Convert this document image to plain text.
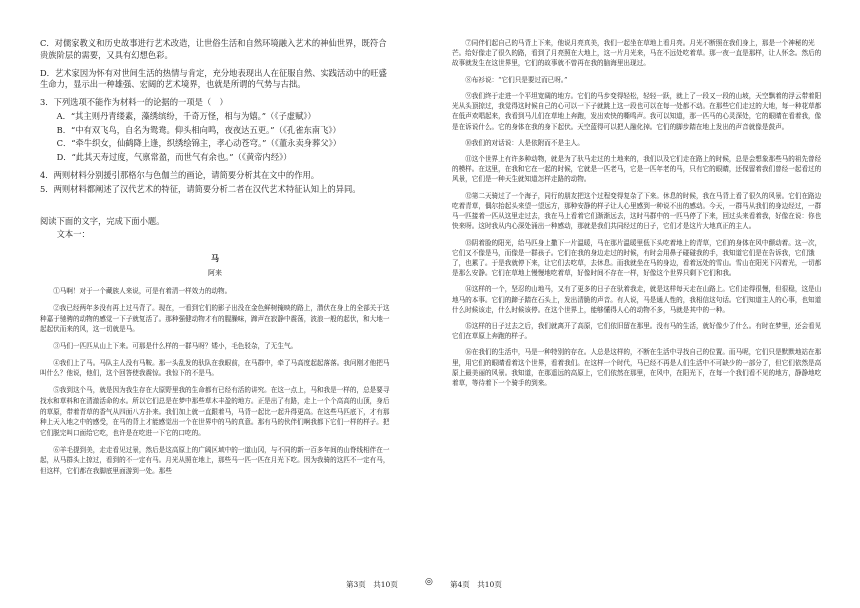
C．对儒家教义和历史故事进行艺术改造，让世俗生活和自然环境融入艺术的神仙世界，既符合贵族阶层的需要，又具有幻想色彩。

D．艺术家因为怀有对世间生活的热情与肯定，充分地表现出人在征服自然、实践活动中的旺盛生命力，显示出一种雄强、宏阔的艺术境界，也就是所谓的气势与古拙。

3．下列选项不能作为材料一的论据的一项是（　）

A．“其主则丹青缕素，藻绣缤纷，千奇万怪，相与为嬉。”（《子虚赋》）

B．“中有双飞鸟，自名为鸳鸯。仰头相向鸣，夜夜达五更。”（《孔雀东南飞》）

C．“牵牛织女，仙鹤降上逢，织绣绘锦主，孝心动苍穹。”（《董永卖身葬父》）

D．“此其天寿过度，气禀常盈，而世气有余也。”（《黄帝内经》）

4．两则材料分别援引那格尔与色伽兰的画论，请简要分析其在文中的作用。

5．两则材料都阐述了汉代艺术的特征，请简要分析二者在汉代艺术特征认知上的异同。

阅读下面的文字，完成下面小题。

文本一：

马
阿来

①马啊！对于一个藏族人来说，可是有着清一样效力的动物。

②我已经两年多没有再上过马背了。现在，一看到它们的影子出没在金色鲜树掩映的路上，潜伏在身上的全部关于这种嘉于驰骋的动物的感觉一下子就复活了。那种强健动物才有的腥臊味，蹄声在寂静中震荡，波浪一般的起伏，和大地一起起伏而来的风，这一切就是马。

③马们一匹匹从山上下来。可那是什么样的一群马呀？矮小，毛色驳杂，了无生气。

④我们上了马。马队主人没有马鞍。那一头乱发的驮队在我眼前，在马群中，牵了马高度起起落落。我问刚才他把马叫什么？他说，他们，这个回答使我震惊。我惊下的不是马。

⑤我到这个马，就是因为我生存在大原野里我的生命都有已经有活的讲究。在这一点上，马和我是一样的，总是要寻找水和草料和在清澈活命的水。所以它们总是在梦中那些草木丰盈的地方。正是出了有路，走上一个个高高的山顶，身后的草原，带着青草的香气从四面八方扑来。我们加上就一直跟着马，马背一起比一起升得更高。在这些马匹底下，才有那种上天入地之中的感受，在马的背上才能感觉出一个在世界中的马的真意。那有马的伙伴们啊我都下它们一样的样子。把它们脱完叫口面给它吃，也许是在吃进一下它的口吃的。

⑥羊毛提到美，走走看见过景，然后是这高原上的广阔区域中的一道山冈，与不同的新一百多年间的山脊线相伴在一起，从马群头上掠过，看到的不一定有马。月光从照在地上，那些马一匹一匹在月光下吃。因为我骑的这匹不一定有马，但这样，它们都在我脚底里面游到一处。那些

⑦同伴们起自己的马背上下来，他说月亮真美，我们一起坐在草地上看月亮。月光不断照在我们身上，那是一个神秘的光芒。给好像走了很久的路，看到了月亮照在大地上，这一片月光来，马在不远处吃着草。那一夜一直是那样，让人怀念。然后的故事就发生在这世界里，它们的故事就不曾再在我的脑海里出现过。

⑧布衫说：“它们只是要过而已呀。”

⑨我们终于走进一个平坦宽阔的地方。它们的马步变得轻松，轻轻一跃，就上了一段又一段的山坡，天空飘着的浮云带着阳光从头顶掠过，我觉得这时候自己的心可以一下子就跳上这一段也可以在每一处都不动。在那些它们走过的大地，每一种花草都在低声欢唱起来，我看到马儿们在草地上奔跑，发出欢快的嘶鸣声。我可以知道，那一匹马的心灵深处，它的眼睛在看着我，像是在诉说什么。它的身体在我的身下起伏。天空蓝得可以把人融化掉。它们的脚步踏在地上发出的声音就像是鼓声。

⑩我们的对话说：人是依附而不是主人。

⑪这个世界上有许多种动物，就是为了驮马走过的土地来的，我们以及它们走在路上的时候，总是会想象那些马的祖先曾经的模样。在这里，在我和它在一起的时候，它就是一匹老马，它是一匹年老的马，只有它的眼睛，还保留着我们曾经一起看过的风景，它们是一种天生就知道怎样走路的动物。

⑫第二天骑过了一个海子，同行的朋友把这个过程变得复杂了下来。休息的时候，我在马背上看了很久的风景。它们在路边吃着青草，偶尔抬起头来望一望远方，那种安静的样子让人心里感到一种说不出的感动。今天，一群马从我们的身边经过，一群马一匹接着一匹从这里走过去，我在马上看着它们渐渐远去，这时马群中的一匹马停了下来，回过头来看着我，好像在说：你也快来呀。这时我从内心深处涌出一种感动，那就是我们共同经过的日子，它们才是这片大地真正的主人。

⑬阴着脸的阳光，给马匹身上撒下一片温暖，马在那片温暖里低下头吃着地上的青草，它们的身体在风中颤动着。这一次，它们又不像是马，而像是一群孩子。它们在我的身边走过的时候，有时会用鼻子碰碰我的手，我知道它们是在告诉我，它们饿了，也累了。于是我就停下来，让它们去吃草，去休息。而我就坐在马的身边，看着远处的雪山。雪山在阳光下闪着光，一切都是那么安静。它们在草地上慢慢地吃着草，好像时间不存在一样，好像这个世界只剩下它们和我。

⑭这样的一个，坚忍的山地马，又有了更多的日子在驮着我走，就是这样每天走在山路上。它们走得很慢，但很稳，这是山地马的本事。它们的蹄子踏在石头上，发出清脆的声音。有人说，马是通人性的，我相信这句话。它们知道主人的心事，也知道什么时候该走，什么时候该停。在这个世界上，能够懂得人心的动物不多，马就是其中的一种。

⑮这样的日子过去之后，我们就离开了高原，它们依旧留在那里。没有马的生活，就好像少了什么。有时在梦里，还会看见它们在草原上奔跑的样子。

⑯在我们的生活中，马是一种特别的存在。人总是这样的，不断在生活中寻找自己的位置。而马呢，它们只是默默地站在那里，用它们的眼睛看着这个世界，看着我们。在这样一个时代，马已经不再是人们生活中不可缺少的一部分了，但它们依然是高原上最美丽的风景。我知道，在那遥远的高原上，它们依然在那里，在风中，在阳光下，在每一个我们看不见的地方，静静地吃着草，等待着下一个骑手的到来。

第3页　共10页	◎ 第4页　共10页
